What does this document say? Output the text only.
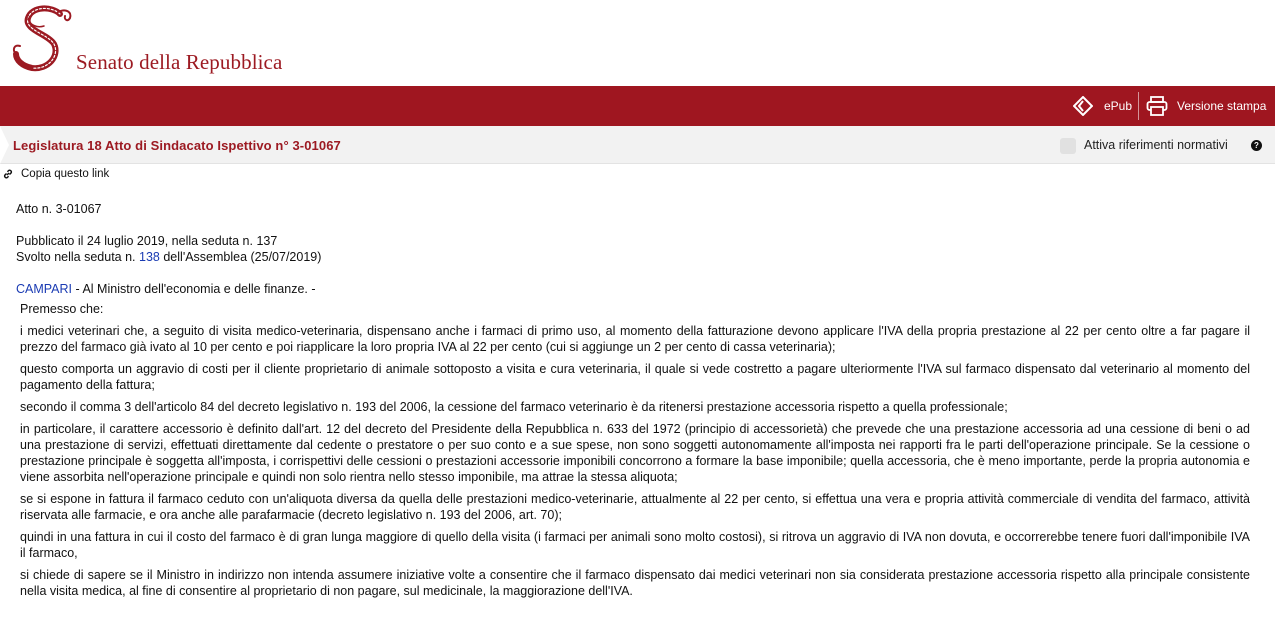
Senato della Repubblica
ePub	Versione stampa
Legislatura 18 Atto di Sindacato Ispettivo n° 3-01067	Attiva riferimenti normativi	?
Copia questo link
Atto n. 3-01067
Pubblicato il 24 luglio 2019, nella seduta n. 137
Svolto nella seduta n. 138 dell'Assemblea (25/07/2019)
CAMPARI - Al Ministro dell'economia e delle finanze. -

Premesso che:

i medici veterinari che, a seguito di visita medico-veterinaria, dispensano anche i farmaci di primo uso, al momento della fatturazione devono applicare l'IVA della propria prestazione al 22 per cento oltre a far pagare il prezzo del farmaco già ivato al 10 per cento e poi riapplicare la loro propria IVA al 22 per cento (cui si aggiunge un 2 per cento di cassa veterinaria);

questo comporta un aggravio di costi per il cliente proprietario di animale sottoposto a visita e cura veterinaria, il quale si vede costretto a pagare ulteriormente l'IVA sul farmaco dispensato dal veterinario al momento del pagamento della fattura;

secondo il comma 3 dell'articolo 84 del decreto legislativo n. 193 del 2006, la cessione del farmaco veterinario è da ritenersi prestazione accessoria rispetto a quella professionale;

in particolare, il carattere accessorio è definito dall'art. 12 del decreto del Presidente della Repubblica n. 633 del 1972 (principio di accessorietà) che prevede che una prestazione accessoria ad una cessione di beni o ad una prestazione di servizi, effettuati direttamente dal cedente o prestatore o per suo conto e a sue spese, non sono soggetti autonomamente all'imposta nei rapporti fra le parti dell'operazione principale. Se la cessione o prestazione principale è soggetta all'imposta, i corrispettivi delle cessioni o prestazioni accessorie imponibili concorrono a formare la base imponibile; quella accessoria, che è meno importante, perde la propria autonomia e viene assorbita nell'operazione principale e quindi non solo rientra nello stesso imponibile, ma attrae la stessa aliquota;

se si espone in fattura il farmaco ceduto con un'aliquota diversa da quella delle prestazioni medico-veterinarie, attualmente al 22 per cento, si effettua una vera e propria attività commerciale di vendita del farmaco, attività riservata alle farmacie, e ora anche alle parafarmacie (decreto legislativo n. 193 del 2006, art. 70);

quindi in una fattura in cui il costo del farmaco è di gran lunga maggiore di quello della visita (i farmaci per animali sono molto costosi), si ritrova un aggravio di IVA non dovuta, e occorrerebbe tenere fuori dall'imponibile IVA il farmaco,

si chiede di sapere se il Ministro in indirizzo non intenda assumere iniziative volte a consentire che il farmaco dispensato dai medici veterinari non sia considerata prestazione accessoria rispetto alla principale consistente nella visita medica, al fine di consentire al proprietario di non pagare, sul medicinale, la maggiorazione dell'IVA.
